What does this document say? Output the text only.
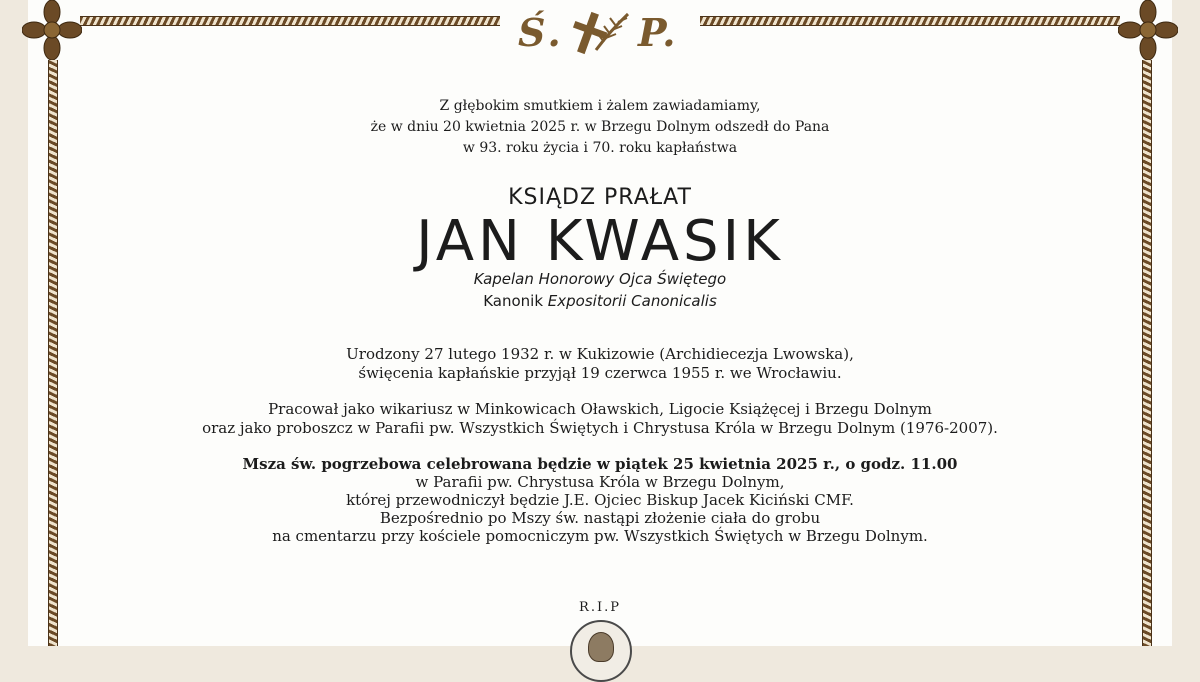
Ś. P.
Z głębokim smutkiem i żalem zawiadamiamy,
że w dniu 20 kwietnia 2025 r. w Brzegu Dolnym odszedł do Pana
w 93. roku życia i 70. roku kapłaństwa
KSIĄDZ PRAŁAT
JAN KWASIK
Kapelan Honorowy Ojca Świętego
Kanonik Expositorii Canonicalis
Urodzony 27 lutego 1932 r. w Kukizowie (Archidiecezja Lwowska),
święcenia kapłańskie przyjął 19 czerwca 1955 r. we Wrocławiu.
Pracował jako wikariusz w Minkowicach Oławskich, Ligocie Książęcej i Brzegu Dolnym
oraz jako proboszcz w Parafii pw. Wszystkich Świętych i Chrystusa Króla w Brzegu Dolnym (1976-2007).
Msza św. pogrzebowa celebrowana będzie w piątek 25 kwietnia 2025 r., o godz. 11.00
w Parafii pw. Chrystusa Króla w Brzegu Dolnym,
której przewodniczył będzie J.E. Ojciec Biskup Jacek Kiciński CMF.
Bezpośrednio po Mszy św. nastąpi złożenie ciała do grobu
na cmentarzu przy kościele pomocniczym pw. Wszystkich Świętych w Brzegu Dolnym.
R.I.P
